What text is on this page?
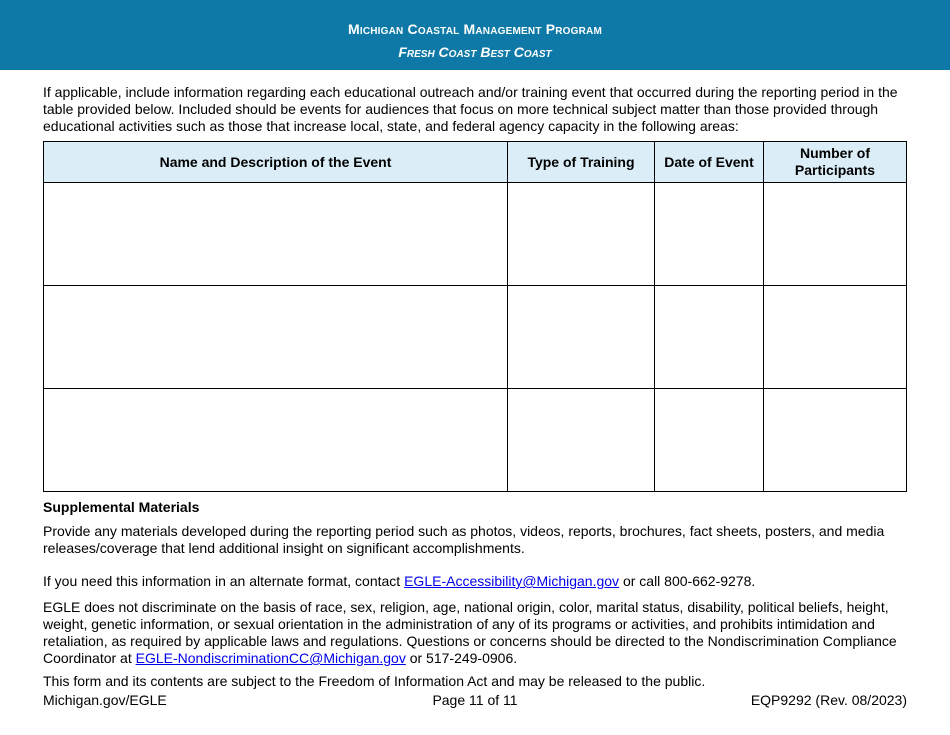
Michigan Coastal Management Program
Fresh Coast Best Coast

If applicable, include information regarding each educational outreach and/or training event that occurred during the reporting period in the table provided below. Included should be events for audiences that focus on more technical subject matter than those provided through educational activities such as those that increase local, state, and federal agency capacity in the following areas:

Name and Description of the Event	Type of Training	Date of Event	Number of Participants

Supplemental Materials

Provide any materials developed during the reporting period such as photos, videos, reports, brochures, fact sheets, posters, and media releases/coverage that lend additional insight on significant accomplishments.

If you need this information in an alternate format, contact EGLE-Accessibility@Michigan.gov or call 800-662-9278.

EGLE does not discriminate on the basis of race, sex, religion, age, national origin, color, marital status, disability, political beliefs, height, weight, genetic information, or sexual orientation in the administration of any of its programs or activities, and prohibits intimidation and retaliation, as required by applicable laws and regulations. Questions or concerns should be directed to the Nondiscrimination Compliance Coordinator at EGLE-NondiscriminationCC@Michigan.gov or 517-249-0906.

This form and its contents are subject to the Freedom of Information Act and may be released to the public.

Michigan.gov/EGLE	Page 11 of 11	EQP9292 (Rev. 08/2023)
